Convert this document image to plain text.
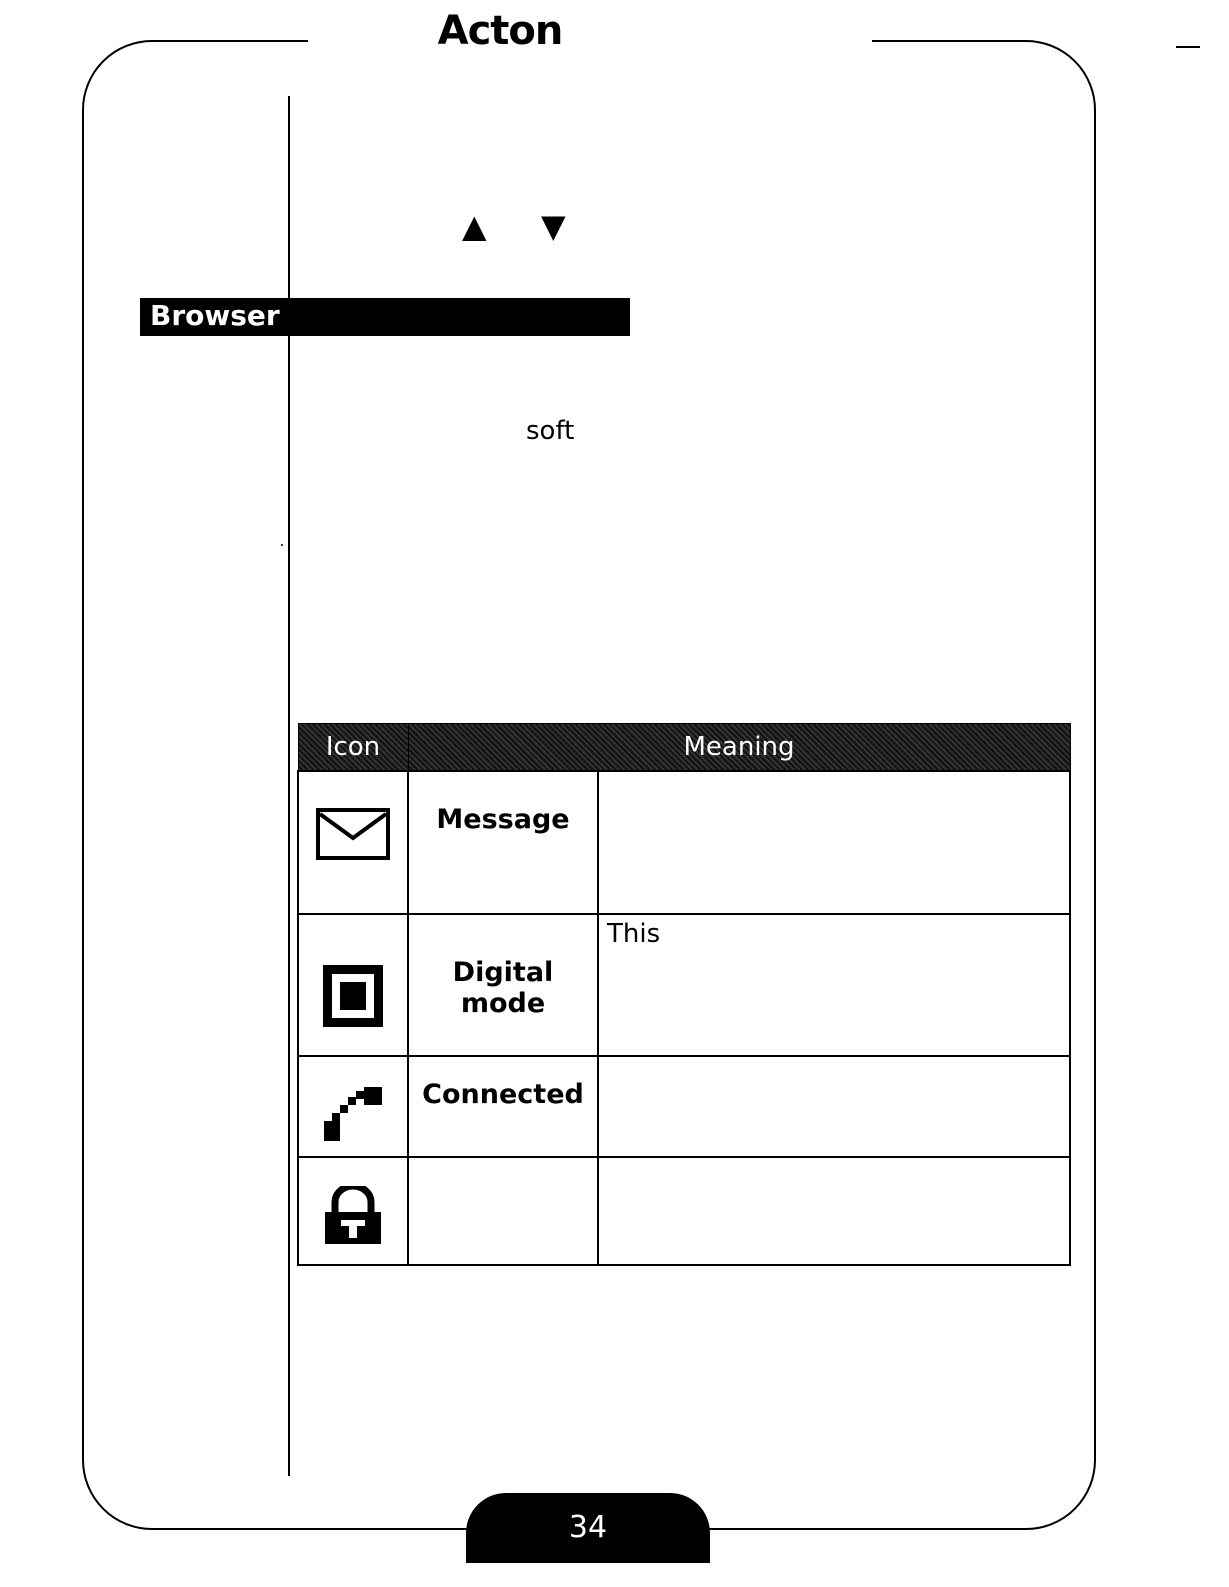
Acton
▲ ▼
Browser
soft
Icon	Meaning	

Message	

Digital mode	This

Connected	

34
